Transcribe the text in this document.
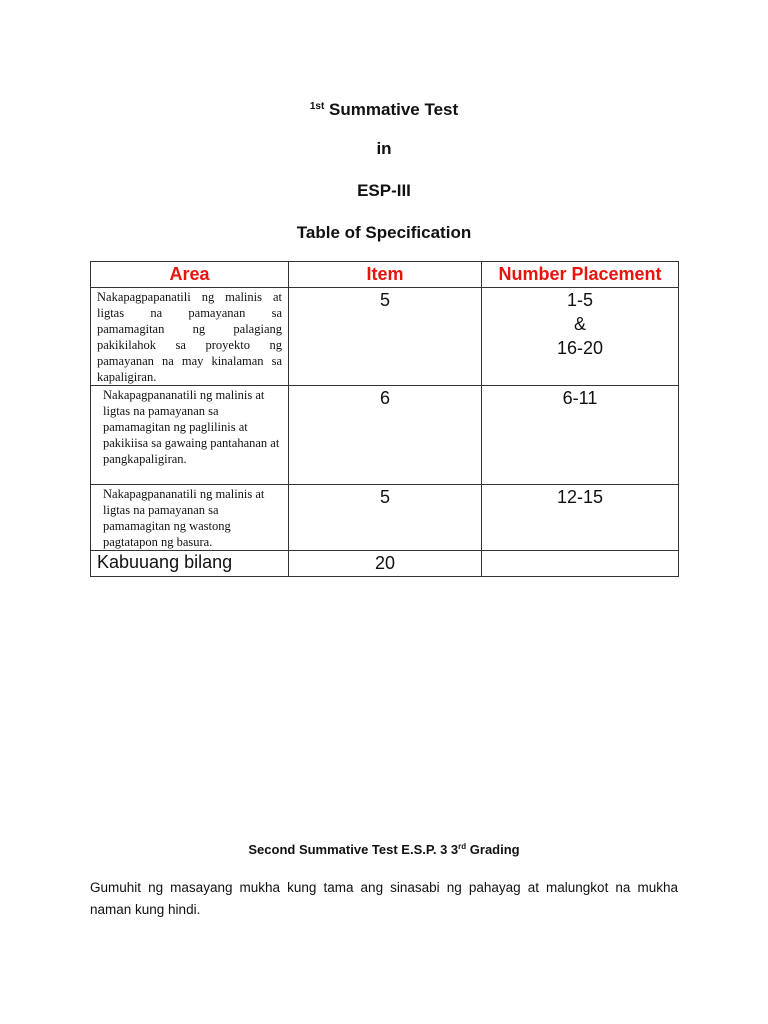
$^{1st}$ Summative Test
in
ESP-III
Table of Specification
Area	Item	Number Placement

Nakapagpapanatili ng malinis at ligtas na pamayanan sa pamamagitan ng palagiang pakikilahok sa proyekto ng pamayanan na may kinalaman sa kapaligiran.	5	1-5
&
16-20

Nakapagpananatili ng malinis at ligtas na pamayanan sa pamamagitan ng paglilinis at pakikiisa sa gawaing pantahanan at pangkapaligiran.	6	6-11

Nakapagpananatili ng malinis at ligtas na pamayanan sa pamamagitan ng wastong pagtatapon ng basura.	5	12-15

Kabuuang bilang	20	
Second Summative Test E.S.P. 3 3rd Grading
Gumuhit ng masayang mukha kung tama ang sinasabi ng pahayag at malungkot na mukha naman kung hindi.
